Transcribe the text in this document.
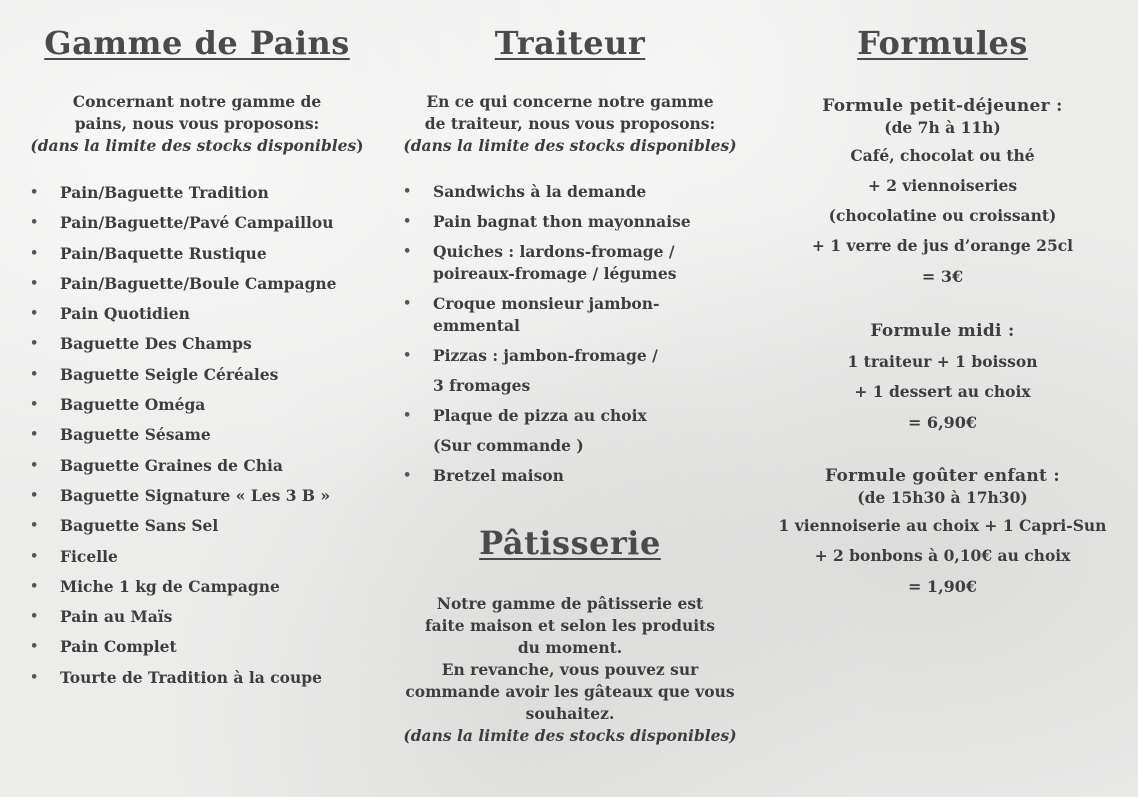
Gamme de Pains
Concernant notre gamme de
pains, nous vous proposons:
(dans la limite des stocks disponibles)
• Pain/Baguette Tradition
• Pain/Baguette/Pavé Campaillou
• Pain/Baquette Rustique
• Pain/Baguette/Boule Campagne
• Pain Quotidien
• Baguette Des Champs
• Baguette Seigle Céréales
• Baguette Oméga
• Baguette Sésame
• Baguette Graines de Chia
• Baguette Signature « Les 3 B »
• Baguette Sans Sel
• Ficelle
• Miche 1 kg de Campagne
• Pain au Maïs
• Pain Complet
• Tourte de Tradition à la coupe
Traiteur
En ce qui concerne notre gamme
de traiteur, nous vous proposons:
(dans la limite des stocks disponibles)
• Sandwichs à la demande
• Pain bagnat thon mayonnaise
• Quiches : lardons-fromage /
poireaux-fromage / légumes
• Croque monsieur jambon-
emmental
• Pizzas : jambon-fromage /
3 fromages
• Plaque de pizza au choix
(Sur commande )
• Bretzel maison
Pâtisserie
Notre gamme de pâtisserie est
faite maison et selon les produits
du moment.
En revanche, vous pouvez sur
commande avoir les gâteaux que vous
souhaitez.
(dans la limite des stocks disponibles)
Formules
Formule petit-déjeuner :
(de 7h à 11h)
Café, chocolat ou thé
+ 2 viennoiseries
(chocolatine ou croissant)
+ 1 verre de jus d’orange 25cl
= 3€
Formule midi :
1 traiteur + 1 boisson
+ 1 dessert au choix
= 6,90€
Formule goûter enfant :
(de 15h30 à 17h30)
1 viennoiserie au choix + 1 Capri-Sun
+ 2 bonbons à 0,10€ au choix
= 1,90€
